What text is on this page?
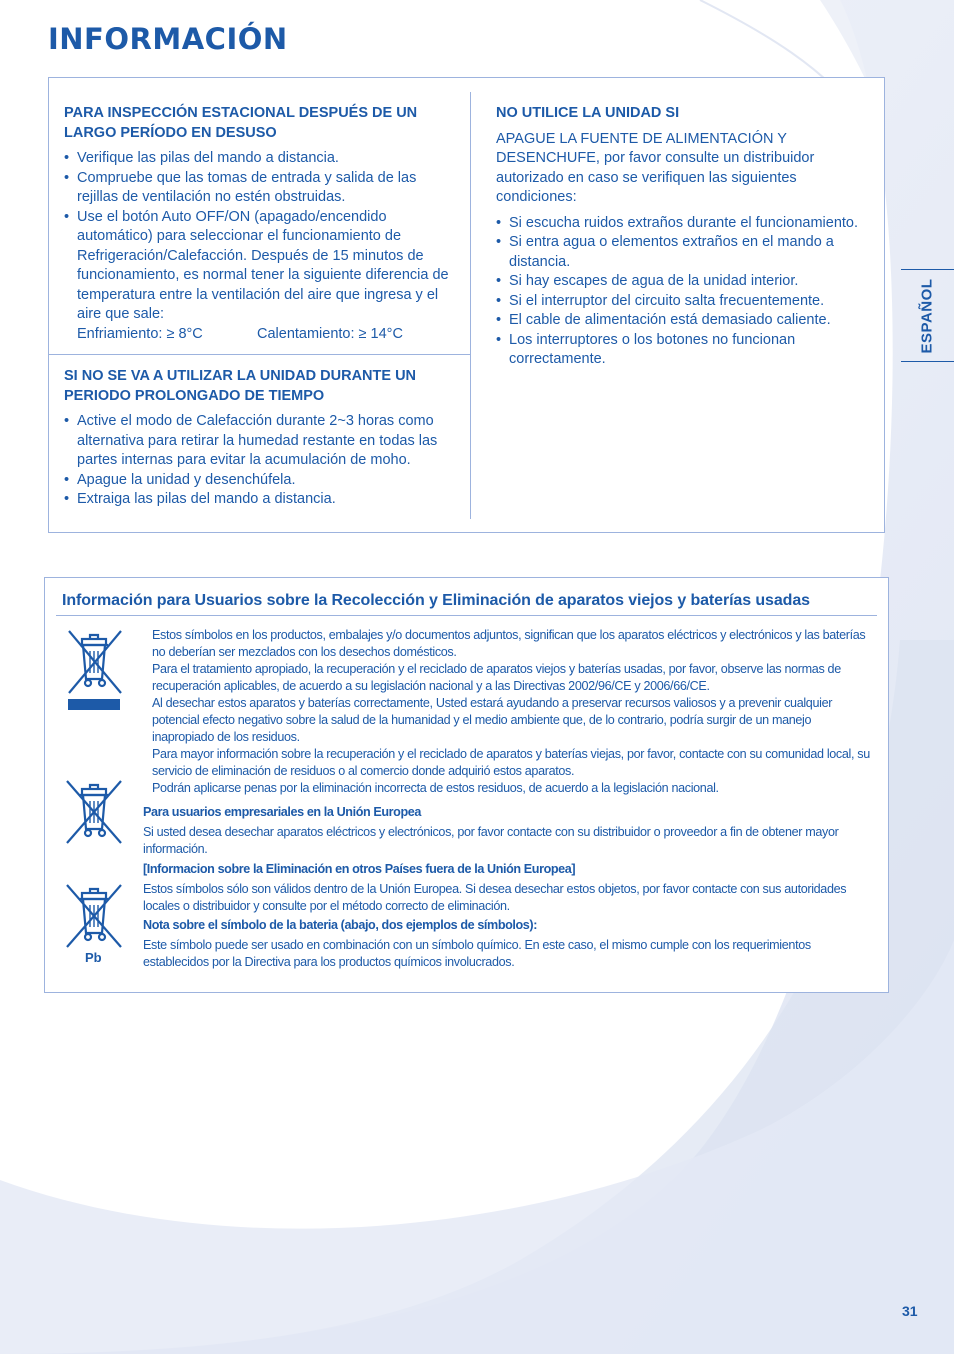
INFORMACIÓN

PARA INSPECCIÓN ESTACIONAL DESPUÉS DE UN LARGO PERÍODO EN DESUSO

• Verifique las pilas del mando a distancia.
• Compruebe que las tomas de entrada y salida de las rejillas de ventilación no estén obstruidas.
• Use el botón Auto OFF/ON (apagado/encendido automático) para seleccionar el funcionamiento de Refrigeración/Calefacción. Después de 15 minutos de funcionamiento, es normal tener la siguiente diferencia de temperatura entre la ventilación del aire que ingresa y el aire que sale:
Enfriamiento: ≥ 8°C	Calentamiento: ≥ 14°C

SI NO SE VA A UTILIZAR LA UNIDAD DURANTE UN PERIODO PROLONGADO DE TIEMPO

• Active el modo de Calefacción durante 2~3 horas como alternativa para retirar la humedad restante en todas las partes internas para evitar la acumulación de moho.
• Apague la unidad y desenchúfela.
• Extraiga las pilas del mando a distancia.

NO UTILICE LA UNIDAD SI

APAGUE LA FUENTE DE ALIMENTACIÓN Y DESENCHUFE, por favor consulte un distribuidor autorizado en caso se verifiquen las siguientes condiciones:

• Si escucha ruidos extraños durante el funcionamiento.
• Si entra agua o elementos extraños en el mando a distancia.
• Si hay escapes de agua de la unidad interior.
• Si el interruptor del circuito salta frecuentemente.
• El cable de alimentación está demasiado caliente.
• Los interruptores o los botones no funcionan correctamente.
ESPAÑOL
Información para Usuarios sobre la Recolección y Eliminación de aparatos viejos y baterías usadas
Pb

Estos símbolos en los productos, embalajes y/o documentos adjuntos, significan que los aparatos eléctricos y electrónicos y las baterías no deberían ser mezclados con los desechos domésticos.

Para el tratamiento apropiado, la recuperación y el reciclado de aparatos viejos y baterías usadas, por favor, observe las normas de recuperación aplicables, de acuerdo a su legislación nacional y a las Directivas 2002/96/CE y 2006/66/CE.

Al desechar estos aparatos y baterías correctamente, Usted estará ayudando a preservar recursos valiosos y a prevenir cualquier potencial efecto negativo sobre la salud de la humanidad y el medio ambiente que, de lo contrario, podría surgir de un manejo inapropiado de los residuos.

Para mayor información sobre la recuperación y el reciclado de aparatos y baterías viejas, por favor, contacte con su comunidad local, su servicio de eliminación de residuos o al comercio donde adquirió estos aparatos.

Podrán aplicarse penas por la eliminación incorrecta de estos residuos, de acuerdo a la legislación nacional.

Para usuarios empresariales en la Unión Europea

Si usted desea desechar aparatos eléctricos y electrónicos, por favor contacte con su distribuidor o proveedor a fin de obtener mayor información.

[Informacion sobre la Eliminación en otros Países fuera de la Unión Europea]

Estos símbolos sólo son válidos dentro de la Unión Europea. Si desea desechar estos objetos, por favor contacte con sus autoridades locales o distribuidor y consulte por el método correcto de eliminación.

Nota sobre el símbolo de la bateria (abajo, dos ejemplos de símbolos):

Este símbolo puede ser usado en combinación con un símbolo químico. En este caso, el mismo cumple con los requerimientos establecidos por la Directiva para los productos químicos involucrados.

31
